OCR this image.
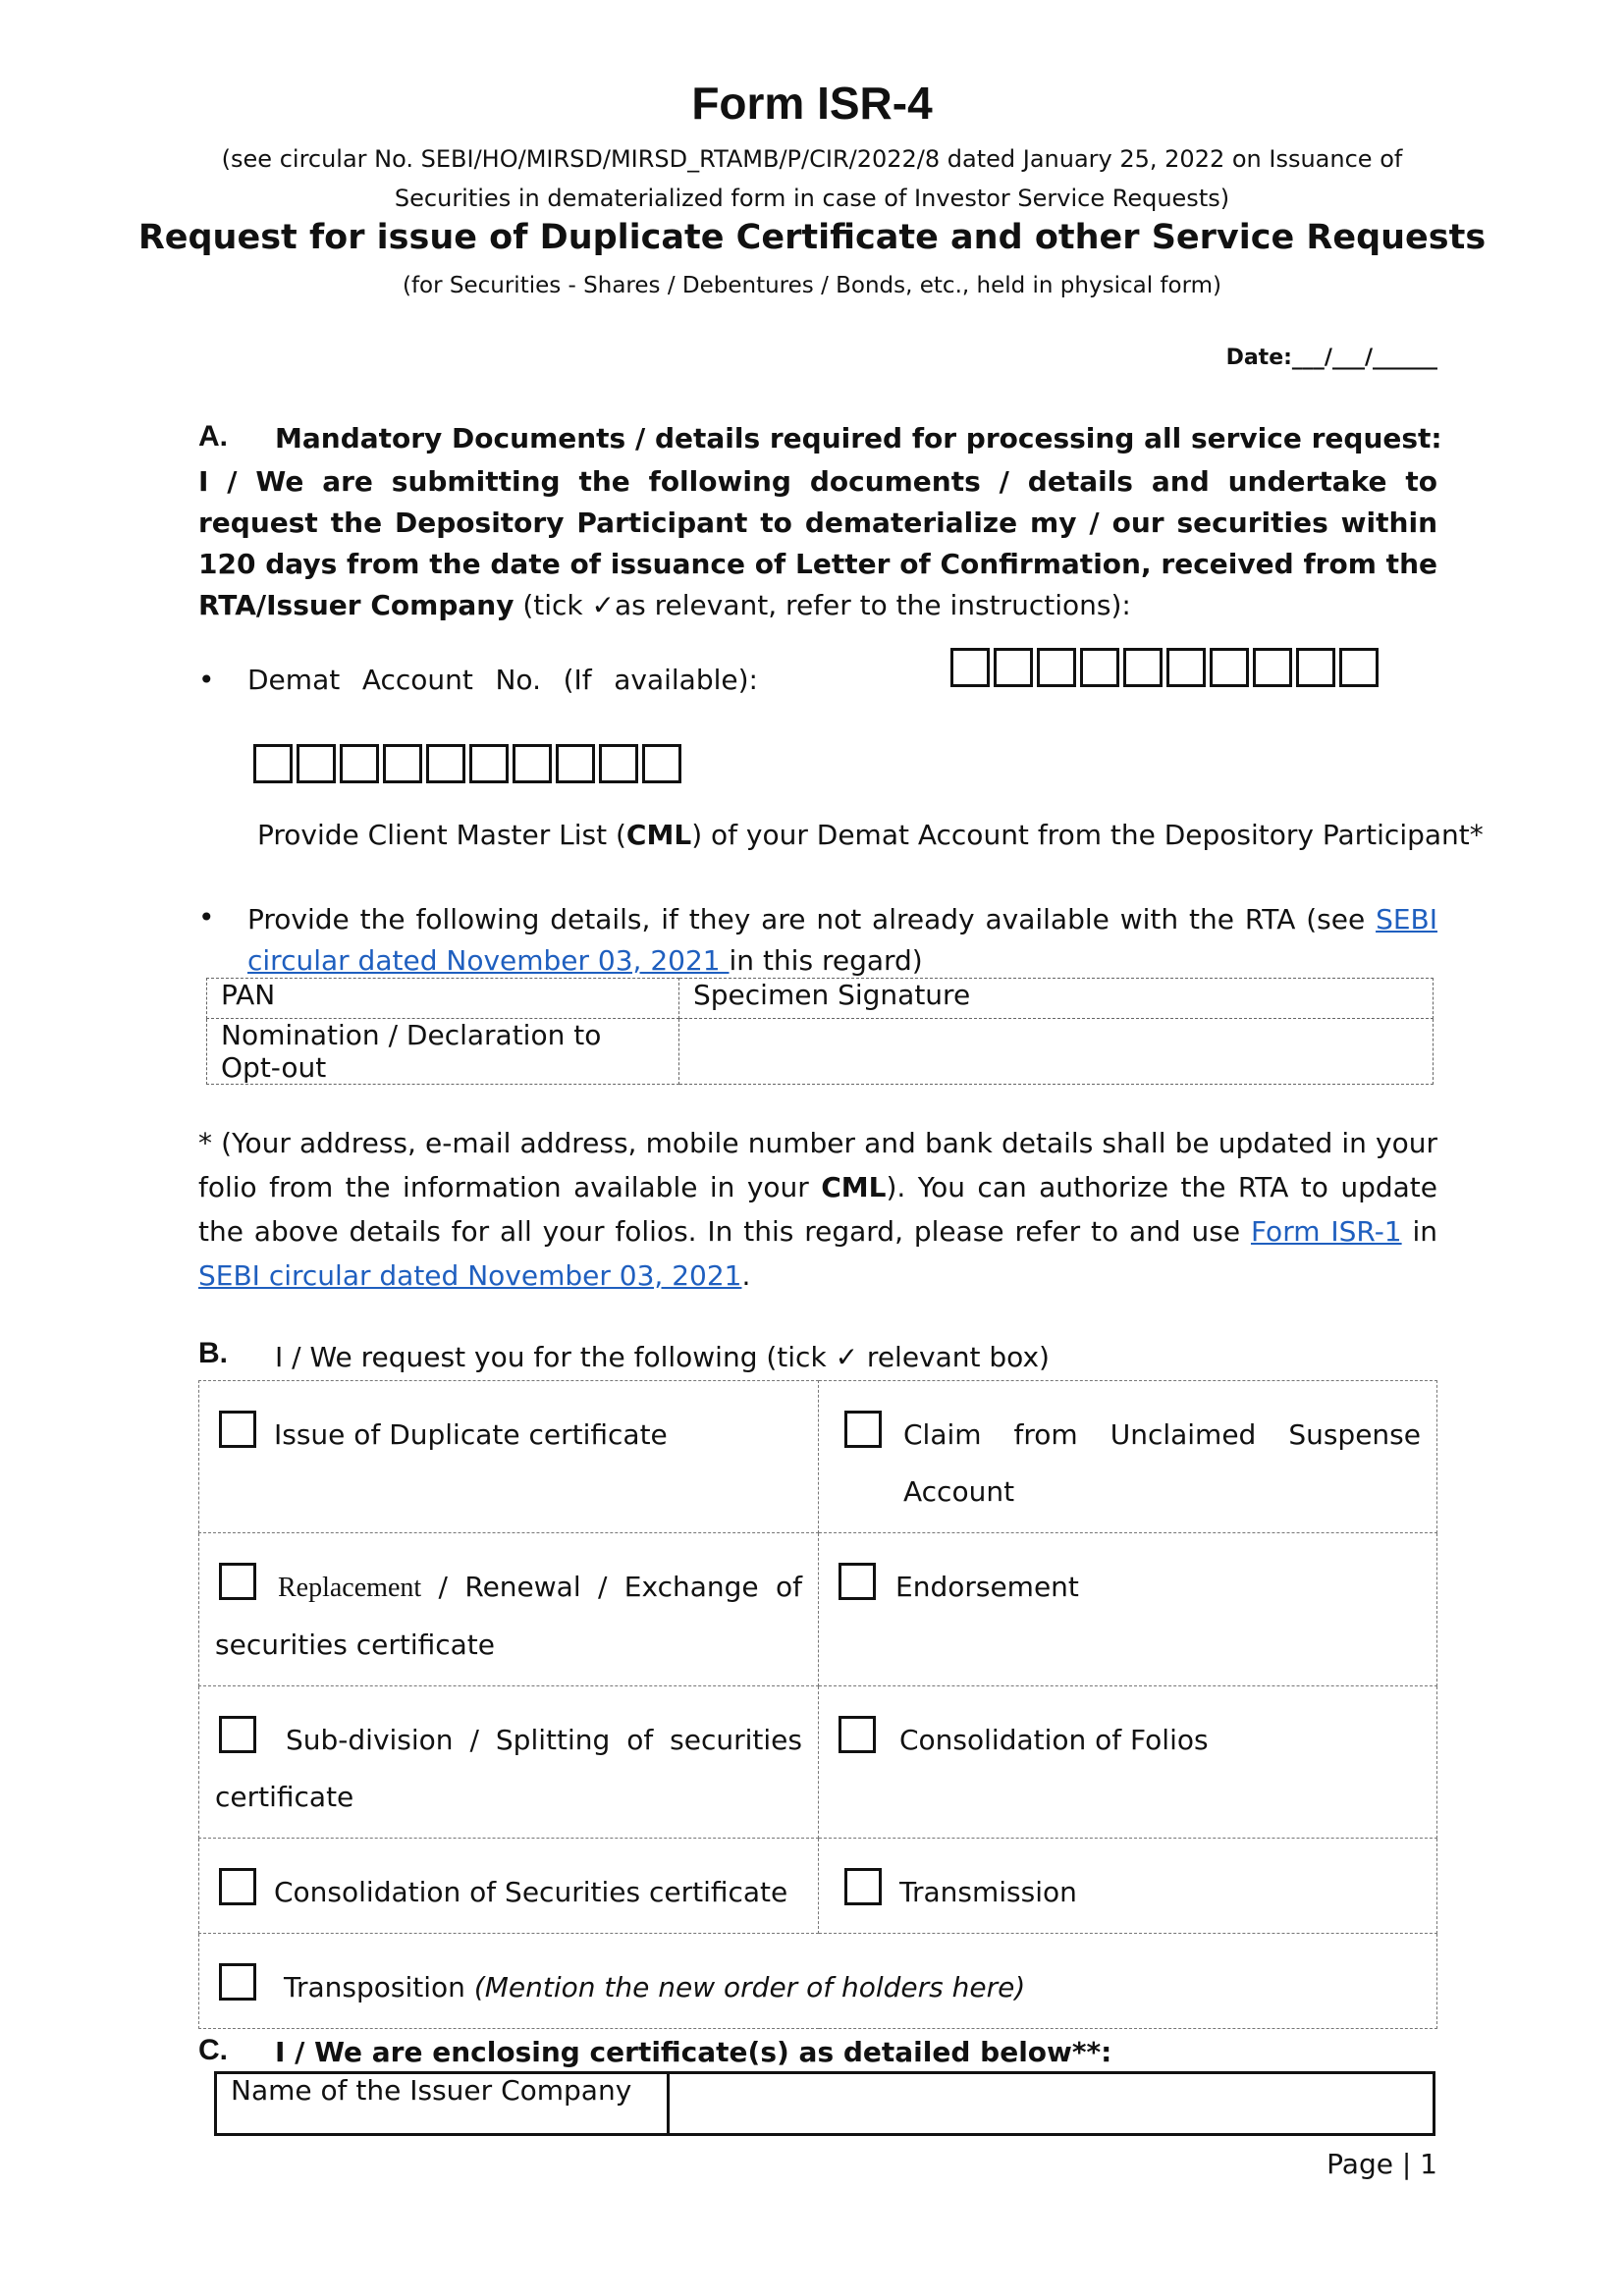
Form ISR-4
(see circular No. SEBI/HO/MIRSD/MIRSD_RTAMB/P/CIR/2022/8 dated January 25, 2022 on Issuance of Securities in dematerialized form in case of Investor Service Requests)
Request for issue of Duplicate Certificate and other Service Requests
(for Securities - Shares / Debentures / Bonds, etc., held in physical form)
Date:___/___/______
A. Mandatory Documents / details required for processing all service request:
I / We are submitting the following documents / details and undertake to request the Depository Participant to dematerialize my / our securities within 120 days from the date of issuance of Letter of Confirmation, received from the RTA/Issuer Company (tick ✓as relevant, refer to the instructions):
• Demat Account No. (If available):
Provide Client Master List (CML) of your Demat Account from the Depository Participant*
• Provide the following details, if they are not already available with the RTA (see SEBI circular dated November 03, 2021 in this regard)
PAN	Specimen Signature
Nomination / Declaration to Opt-out	
* (Your address, e-mail address, mobile number and bank details shall be updated in your folio from the information available in your CML). You can authorize the RTA to update the above details for all your folios. In this regard, please refer to and use Form ISR-1 in SEBI circular dated November 03, 2021.
B. I / We request you for the following (tick ✓ relevant box)
Issue of Duplicate certificate	Claim from Unclaimed Suspense Account

Replacement / Renewal / Exchange of securities certificate	Endorsement

Sub-division / Splitting of securities certificate	Consolidation of Folios

Consolidation of Securities certificate	Transmission

Transposition (Mention the new order of holders here)	
C. I / We are enclosing certificate(s) as detailed below**:
Name of the Issuer Company	
Page | 1
